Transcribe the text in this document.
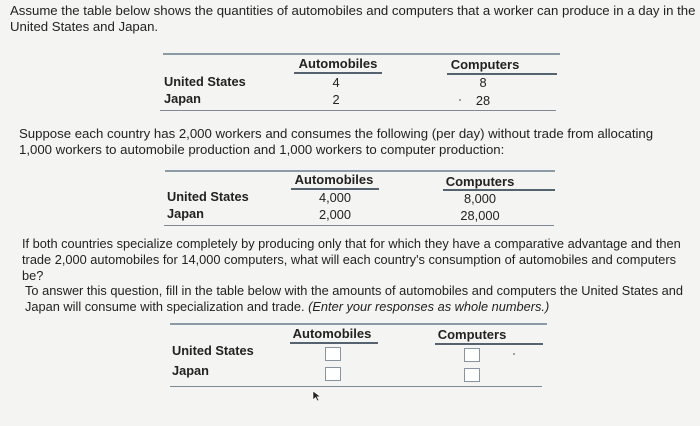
Assume the table below shows the quantities of automobiles and computers that a worker can produce in a day in the United States and Japan.

Automobiles	Computers
United States	4	8
Japan	2	28

Suppose each country has 2,000 workers and consumes the following (per day) without trade from allocating 1,000 workers to automobile production and 1,000 workers to computer production:

Automobiles	Computers
United States	4,000	8,000
Japan	2,000	28,000

If both countries specialize completely by producing only that for which they have a comparative advantage and then trade 2,000 automobiles for 14,000 computers, what will each country's consumption of automobiles and computers be?

To answer this question, fill in the table below with the amounts of automobiles and computers the United States and Japan will consume with specialization and trade. (Enter your responses as whole numbers.)

Automobiles	Computers
United States
Japan
